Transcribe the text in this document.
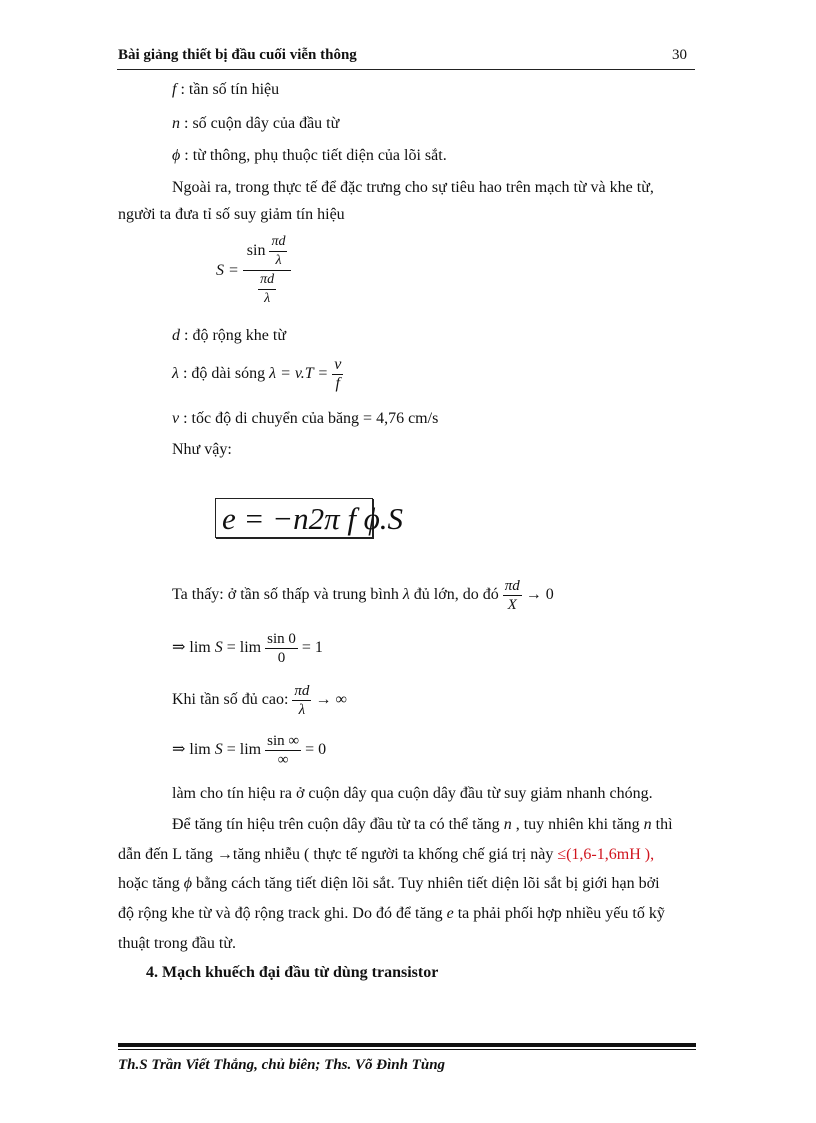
Bài giảng thiết bị đầu cuối viễn thông	30
f : tần số tín hiệu
n : số cuộn dây của đầu từ
ϕ : từ thông, phụ thuộc tiết diện của lõi sắt.
Ngoài ra, trong thực tế để đặc trưng cho sự tiêu hao trên mạch từ và khe từ,
người ta đưa tỉ số suy giảm tín hiệu
$S = \frac{\sin \frac{\pi d}{\lambda}}{\frac{\pi d}{\lambda}}$
d : độ rộng khe từ
λ : độ dài sóng $\lambda = v.T = \frac{v}{f}$
v : tốc độ di chuyển của băng = 4,76 cm/s
Như vậy:
e = −n2π f ϕ.S
Ta thấy: ở tần số thấp và trung bình λ đủ lớn, do đó $\frac{\pi d}{X} \to 0$
⇒ $\lim S = \lim \frac{\sin 0}{0} = 1$
Khi tần số đủ cao: $\frac{\pi d}{\lambda}$ → ∞
⇒ $\lim S = \lim \frac{\sin \infty}{\infty} = 0$
làm cho tín hiệu ra ở cuộn dây qua cuộn dây đầu từ suy giảm nhanh chóng.
Để tăng tín hiệu trên cuộn dây đầu từ ta có thể tăng n , tuy nhiên khi tăng n thì
dẫn đến L tăng →tăng nhiễu ( thực tế người ta khống chế giá trị này ≤(1,6-1,6mH ),
hoặc tăng ϕ bằng cách tăng tiết diện lõi sắt. Tuy nhiên tiết diện lõi sắt bị giới hạn bởi
độ rộng khe từ và độ rộng track ghi. Do đó để tăng e ta phải phối hợp nhiều yếu tố kỹ
thuật trong đầu từ.
4. Mạch khuếch đại đầu từ dùng transistor
Th.S Trần Viết Thắng, chủ biên; Ths. Võ Đình Tùng
